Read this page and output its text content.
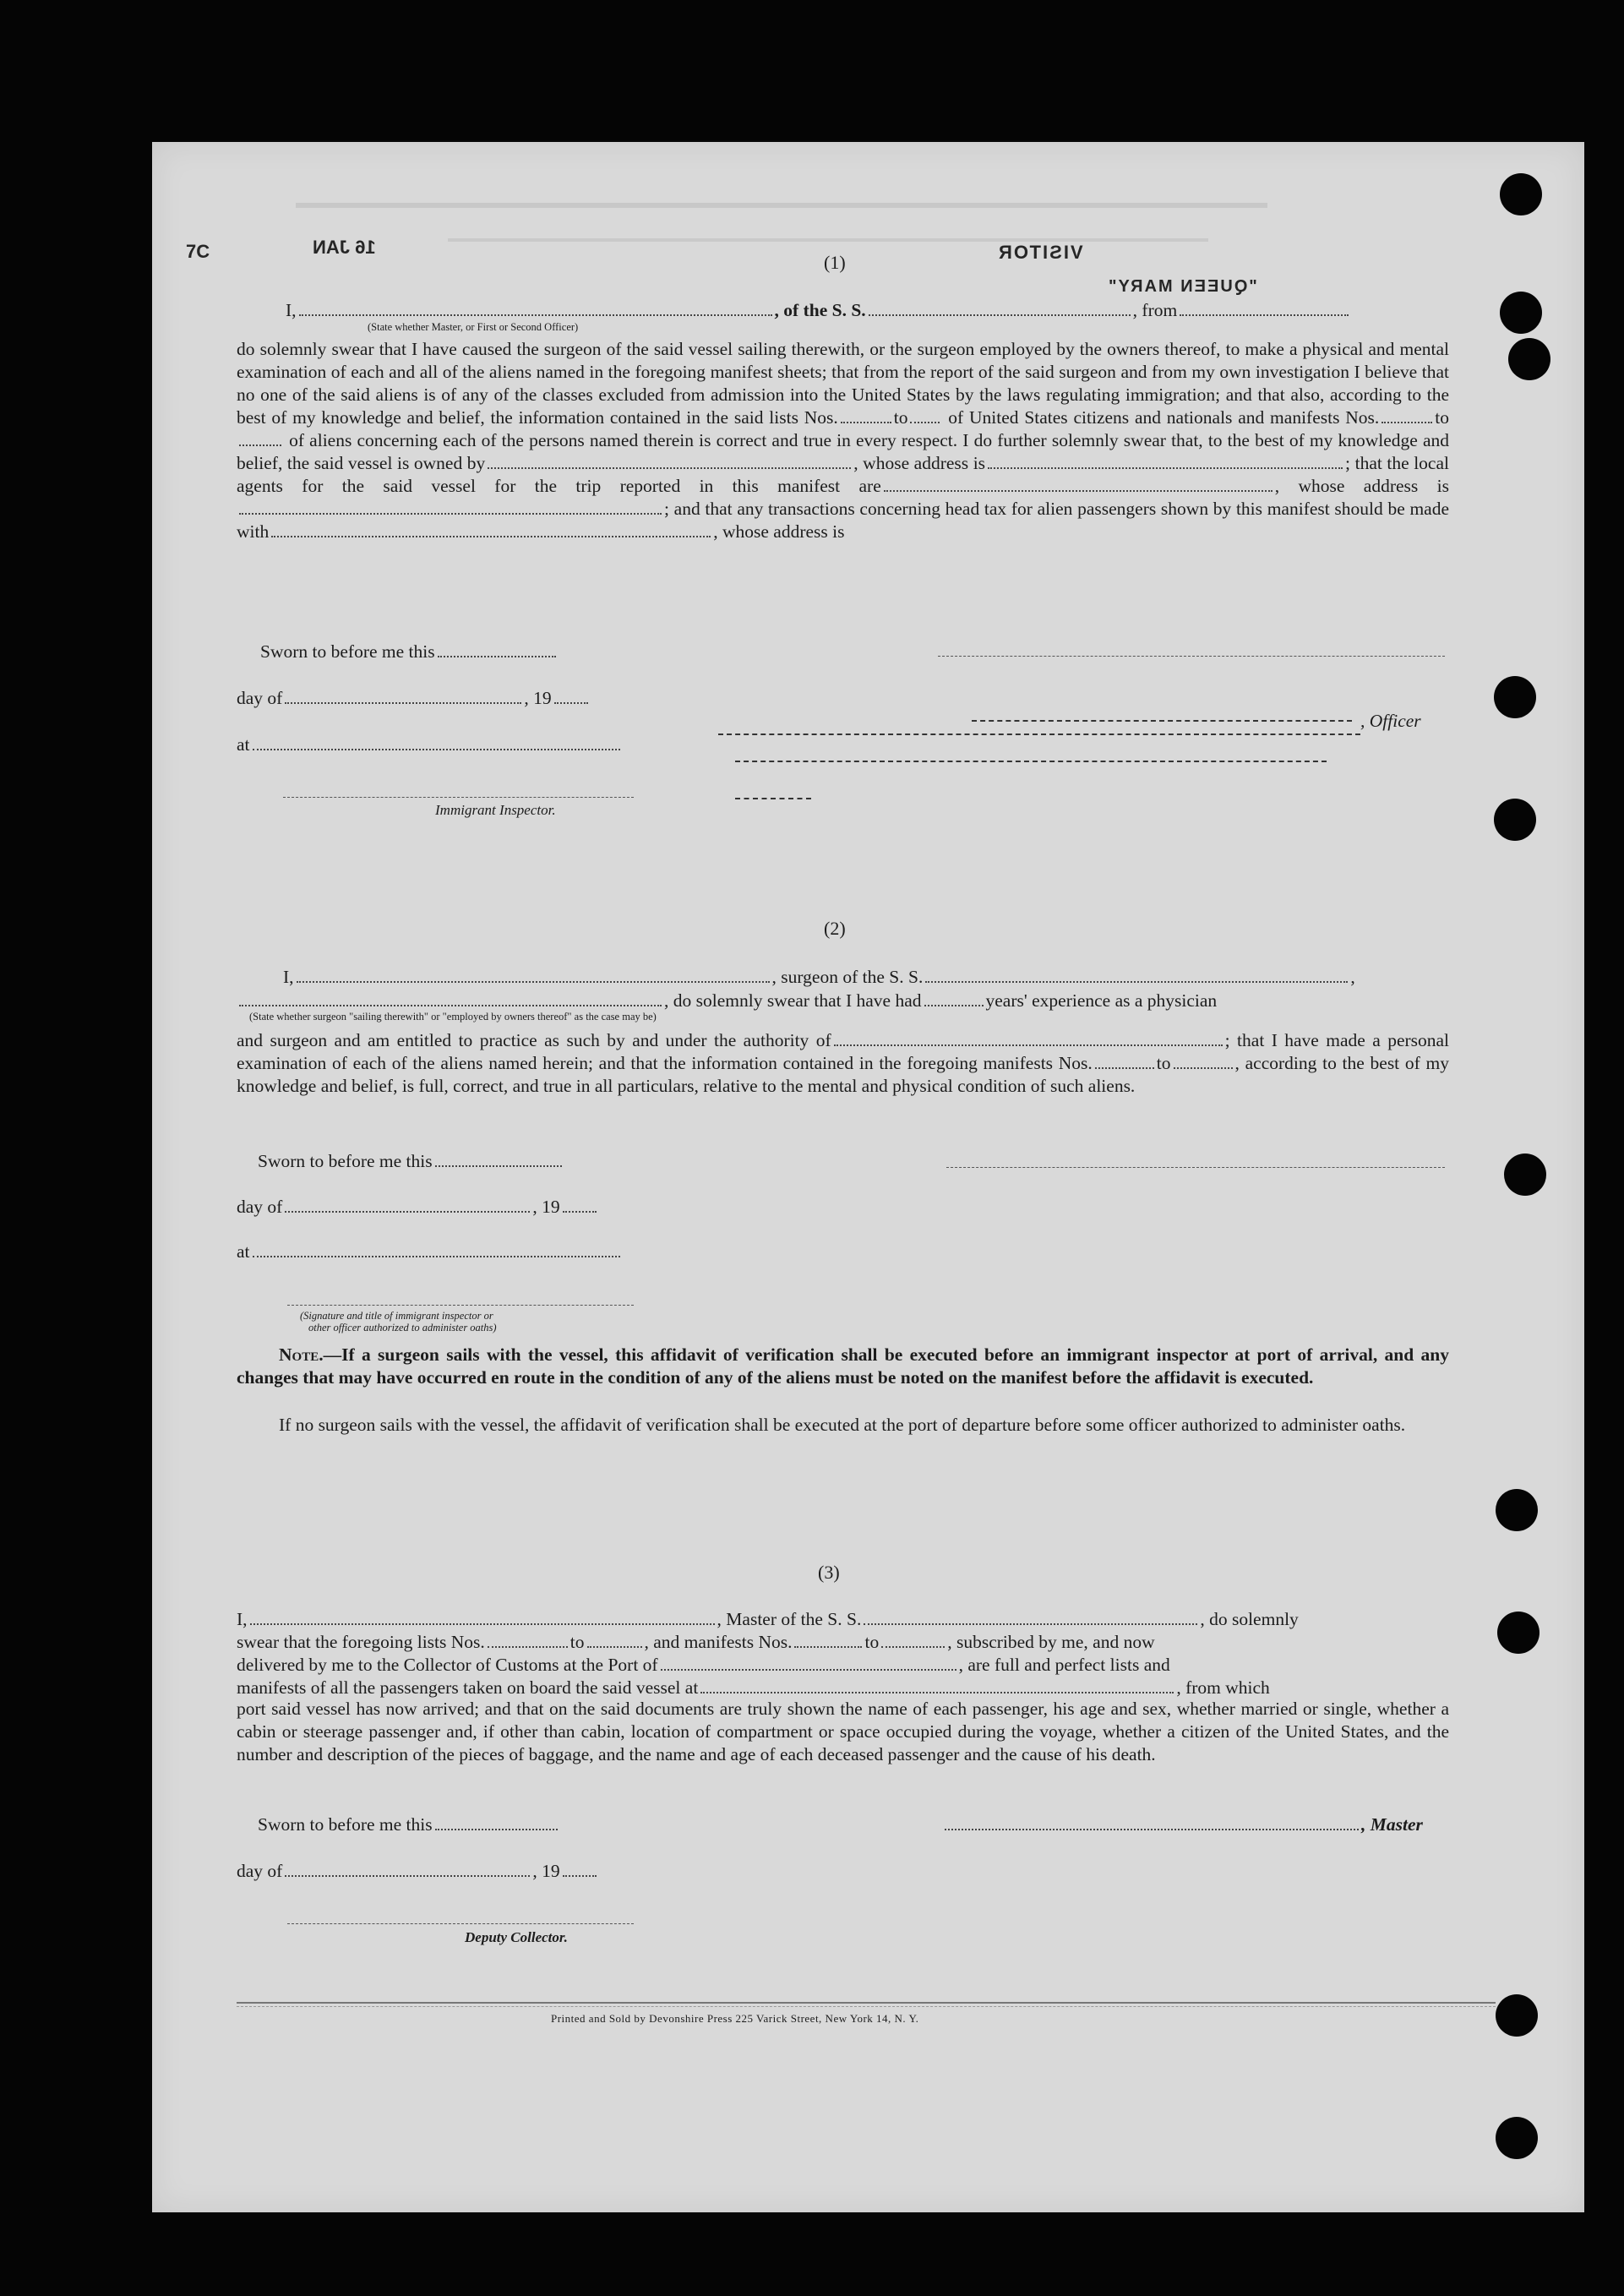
7C	16 JAN	VISITOR
"QUEEN MARY"
(1)
I,	, of the S. S.	, from
(State whether Master, or First or Second Officer)
do solemnly swear that I have caused the surgeon of the said vessel sailing therewith, or the surgeon employed by the owners thereof, to make a physical and mental examination of each and all of the aliens named in the foregoing manifest sheets; that from the report of the said surgeon and from my own investigation I believe that no one of the said aliens is of any of the classes excluded from admission into the United States by the laws regulating immigration; and that also, according to the best of my knowledge and belief, the information contained in the said lists Nos.	to of United States citizens and nationals and manifests Nos.	to of aliens concerning each of the persons named therein is correct and true in every respect. I do further solemnly swear that, to the best of my knowledge and belief, the said vessel is owned by	, whose address is	; that the local agents for the said vessel for the trip reported in this manifest are	, whose address is; and that any transactions concerning head tax for alien passengers shown by this manifest should be made with	, whose address is
Sworn to before me this
day of	, 19
, Officer
at
Immigrant Inspector.
(2)
I,	, surgeon of the S. S.	,
, do solemnly swear that I have had	years' experience as a physician
(State whether surgeon "sailing therewith" or "employed by owners thereof" as the case may be)
and surgeon and am entitled to practice as such by and under the authority of	; that I have made a personal examination of each of the aliens named herein; and that the information contained in the foregoing manifests Nos.	to	, according to the best of my knowledge and belief, is full, correct, and true in all particulars, relative to the mental and physical condition of such aliens.
Sworn to before me this
day of	, 19
at
(Signature and title of immigrant inspector or
other officer authorized to administer oaths)
Note.—If a surgeon sails with the vessel, this affidavit of verification shall be executed before an immigrant inspector at port of arrival, and any changes that may have occurred en route in the condition of any of the aliens must be noted on the manifest before the affidavit is executed.
If no surgeon sails with the vessel, the affidavit of verification shall be executed at the port of departure before some officer authorized to administer oaths.
(3)
I,	, Master of the S. S.	, do solemnly
swear that the foregoing lists Nos.	to	, and manifests Nos.	to	, subscribed by me, and now
delivered by me to the Collector of Customs at the Port of	, are full and perfect lists and
manifests of all the passengers taken on board the said vessel at	, from which
port said vessel has now arrived; and that on the said documents are truly shown the name of each passenger, his age and sex, whether married or single, whether a cabin or steerage passenger and, if other than cabin, location of compartment or space occupied during the voyage, whether a citizen of the United States, and the number and description of the pieces of baggage, and the name and age of each deceased passenger and the cause of his death.
Sworn to before me this	, Master
day of	, 19
Deputy Collector.
Printed and Sold by Devonshire Press 225 Varick Street, New York 14, N. Y.
